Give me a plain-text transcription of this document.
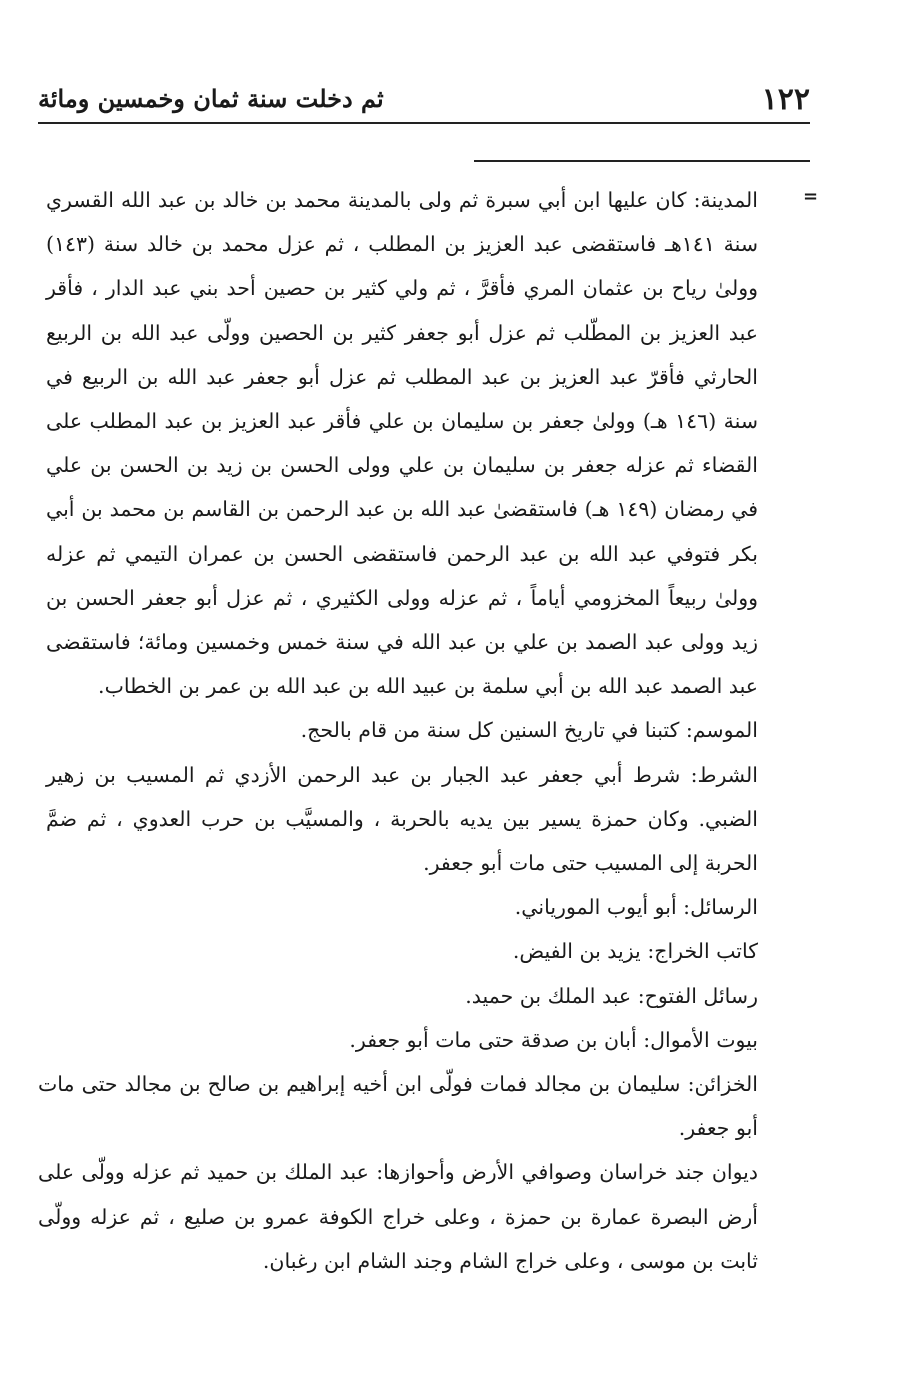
١٢٢
ثم دخلت سنة ثمان وخمسين ومائة
=

المدينة: كان عليها ابن أبي سبرة ثم ولى بالمدينة محمد بن خالد بن عبد الله القسري سنة ١٤١هـ فاستقضى عبد العزيز بن المطلب ، ثم عزل محمد بن خالد سنة (١٤٣) وولىٰ رياح بن عثمان المري فأقرَّ ، ثم ولي كثير بن حصين أحد بني عبد الدار ، فأقر عبد العزيز بن المطّلب ثم عزل أبو جعفر كثير بن الحصين وولّى عبد الله بن الربيع الحارثي فأقرّ عبد العزيز بن عبد المطلب ثم عزل أبو جعفر عبد الله بن الربيع في سنة (١٤٦ هـ) وولىٰ جعفر بن سليمان بن علي فأقر عبد العزيز بن عبد المطلب على القضاء ثم عزله جعفر بن سليمان بن علي وولى الحسن بن زيد بن الحسن بن علي في رمضان (١٤٩ هـ) فاستقضىٰ عبد الله بن عبد الرحمن بن القاسم بن محمد بن أبي بكر فتوفي عبد الله بن عبد الرحمن فاستقضى الحسن بن عمران التيمي ثم عزله وولىٰ ربيعاً المخزومي أياماً ، ثم عزله وولى الكثيري ، ثم عزل أبو جعفر الحسن بن زيد وولى عبد الصمد بن علي بن عبد الله في سنة خمس وخمسين ومائة؛ فاستقضى عبد الصمد عبد الله بن أبي سلمة بن عبيد الله بن عبد الله بن عمر بن الخطاب.

الموسم: كتبنا في تاريخ السنين كل سنة من قام بالحج.

الشرط: شرط أبي جعفر عبد الجبار بن عبد الرحمن الأزدي ثم المسيب بن زهير الضبي. وكان حمزة يسير بين يديه بالحربة ، والمسيَّب بن حرب العدوي ، ثم ضمَّ الحربة إلى المسيب حتى مات أبو جعفر.

الرسائل: أبو أيوب المورياني.

كاتب الخراج: يزيد بن الفيض.

رسائل الفتوح: عبد الملك بن حميد.

بيوت الأموال: أبان بن صدقة حتى مات أبو جعفر.

الخزائن: سليمان بن مجالد فمات فولّى ابن أخيه إبراهيم بن صالح بن مجالد حتى مات أبو جعفر.

ديوان جند خراسان وصوافي الأرض وأحوازها: عبد الملك بن حميد ثم عزله وولّى على أرض البصرة عمارة بن حمزة ، وعلى خراج الكوفة عمرو بن صليع ، ثم عزله وولّى ثابت بن موسى ، وعلى خراج الشام وجند الشام ابن رغبان.
